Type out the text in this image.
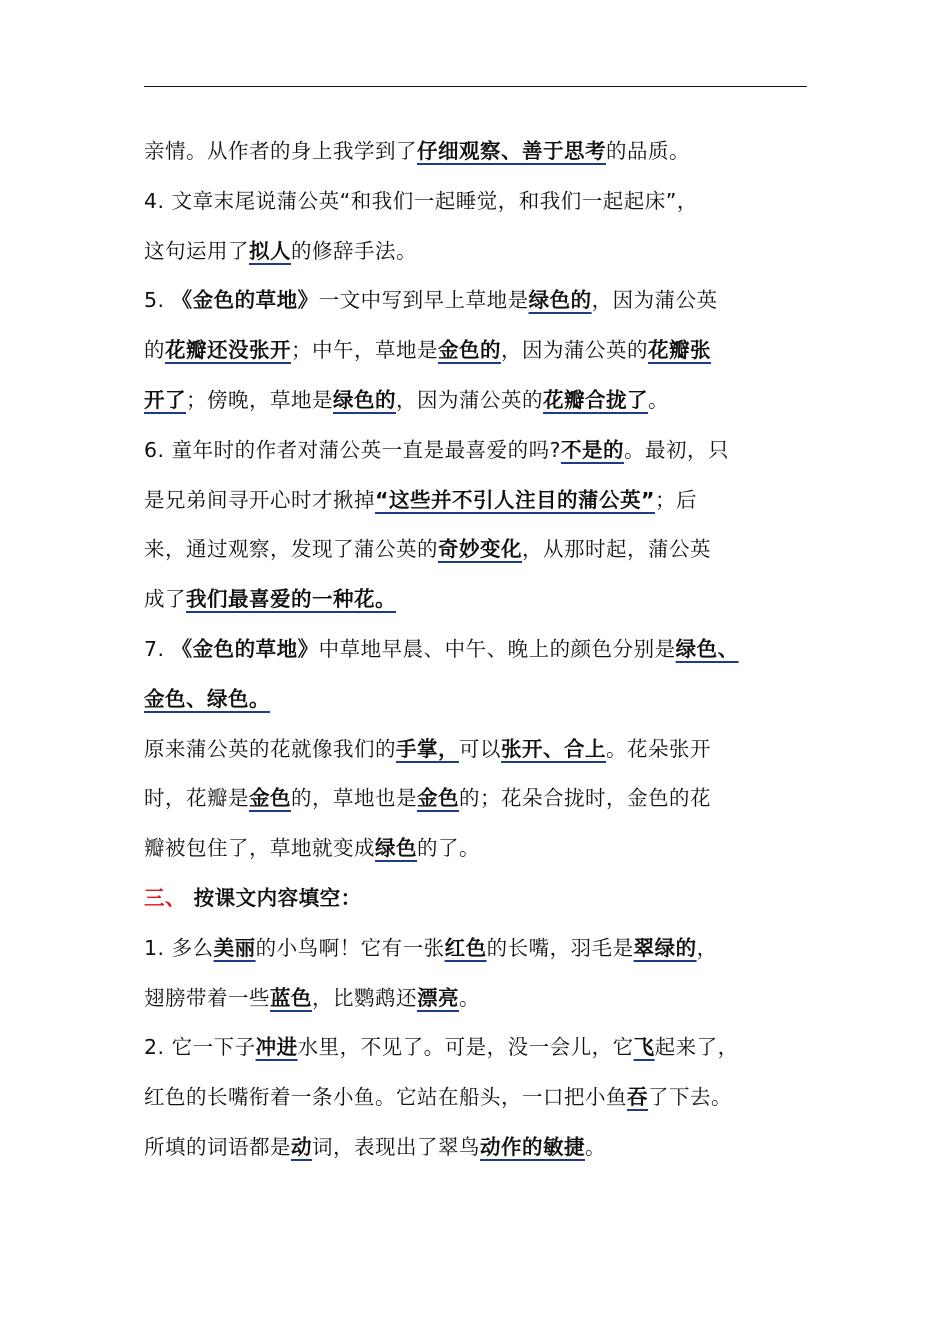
亲情。从作者的身上我学到了仔细观察、善于思考的品质。
4. 文章末尾说蒲公英“和我们一起睡觉，和我们一起起床”，
这句运用了拟人的修辞手法。
5. 《金色的草地》一文中写到早上草地是绿色的，因为蒲公英
的花瓣还没张开；中午，草地是金色的，因为蒲公英的花瓣张
开了；傍晚，草地是绿色的，因为蒲公英的花瓣合拢了。
6. 童年时的作者对蒲公英一直是最喜爱的吗?不是的。最初，只
是兄弟间寻开心时才揪掉“这些并不引人注目的蒲公英”；后
来，通过观察，发现了蒲公英的奇妙变化，从那时起，蒲公英
成了我们最喜爱的一种花。
7. 《金色的草地》中草地早晨、中午、晚上的颜色分别是绿色、
金色、绿色。
原来蒲公英的花就像我们的手掌，可以张开、合上。花朵张开
时，花瓣是金色的，草地也是金色的；花朵合拢时，金色的花
瓣被包住了，草地就变成绿色的了。
三、 按课文内容填空：
1. 多么美丽的小鸟啊！它有一张红色的长嘴，羽毛是翠绿的，
翅膀带着一些蓝色，比鹦鹉还漂亮。
2. 它一下子冲进水里，不见了。可是，没一会儿，它飞起来了，
红色的长嘴衔着一条小鱼。它站在船头，一口把小鱼吞了下去。
所填的词语都是动词，表现出了翠鸟动作的敏捷。
